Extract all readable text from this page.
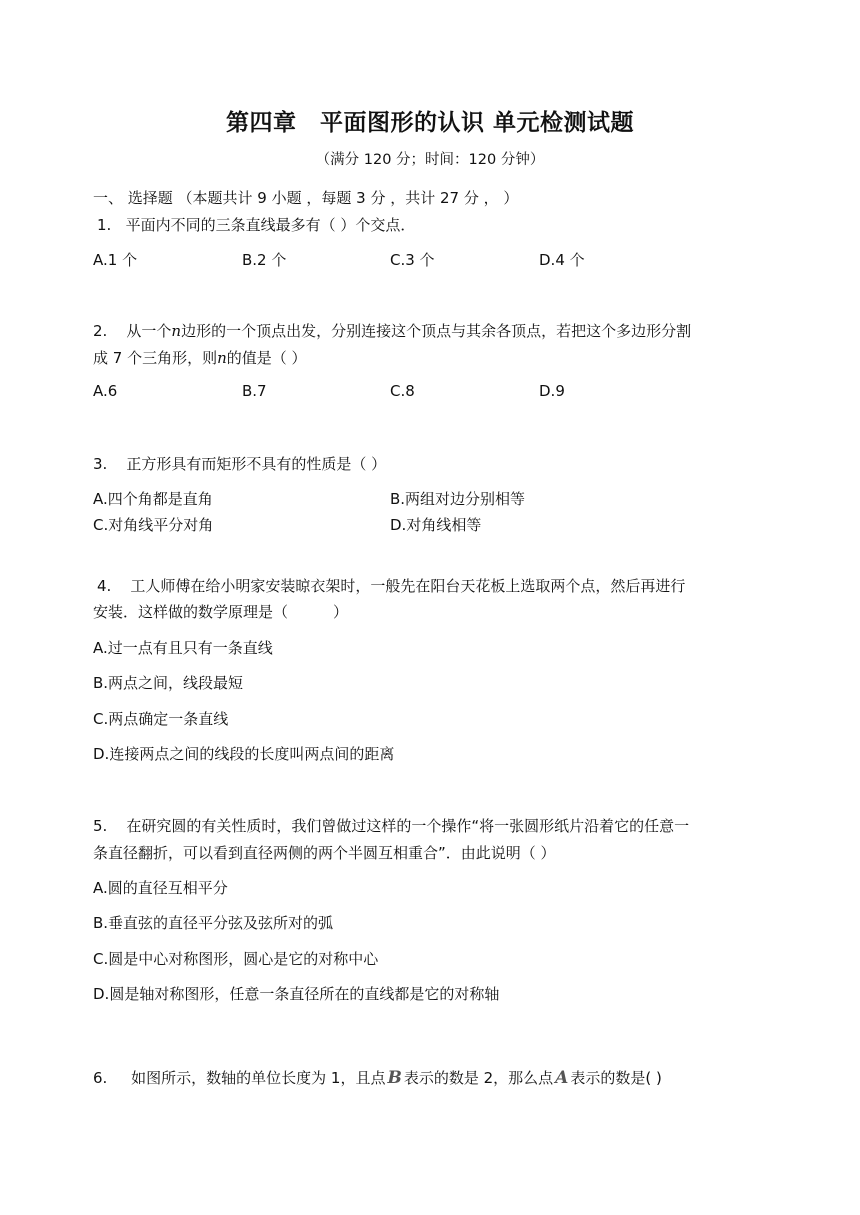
第四章　平面图形的认识 单元检测试题
（满分 120 分；时间：120 分钟）
一、 选择题 （本题共计 9 小题 ，每题 3 分 ，共计 27 分 ， ）
1. 平面内不同的三条直线最多有（ ）个交点．
A.1 个	B.2 个	C.3 个	D.4 个
2. 从一个n边形的一个顶点出发，分别连接这个顶点与其余各顶点，若把这个多边形分割
成 7 个三角形，则n的值是（ ）
A.6	B.7	C.8	D.9
3. 正方形具有而矩形不具有的性质是（ ）
A.四个角都是直角	B.两组对边分别相等
C.对角线平分对角	D.对角线相等
4. 工人师傅在给小明家安装晾衣架时，一般先在阳台天花板上选取两个点，然后再进行
安装．这样做的数学原理是（　　　）
A.过一点有且只有一条直线
B.两点之间，线段最短
C.两点确定一条直线
D.连接两点之间的线段的长度叫两点间的距离
5. 在研究圆的有关性质时，我们曾做过这样的一个操作“将一张圆形纸片沿着它的任意一
条直径翻折，可以看到直径两侧的两个半圆互相重合”．由此说明（ ）
A.圆的直径互相平分
B.垂直弦的直径平分弦及弦所对的弧
C.圆是中心对称图形，圆心是它的对称中心
D.圆是轴对称图形，任意一条直径所在的直线都是它的对称轴
6. 如图所示，数轴的单位长度为 1，且点 B 表示的数是 2，那么点 A 表示的数是( )
